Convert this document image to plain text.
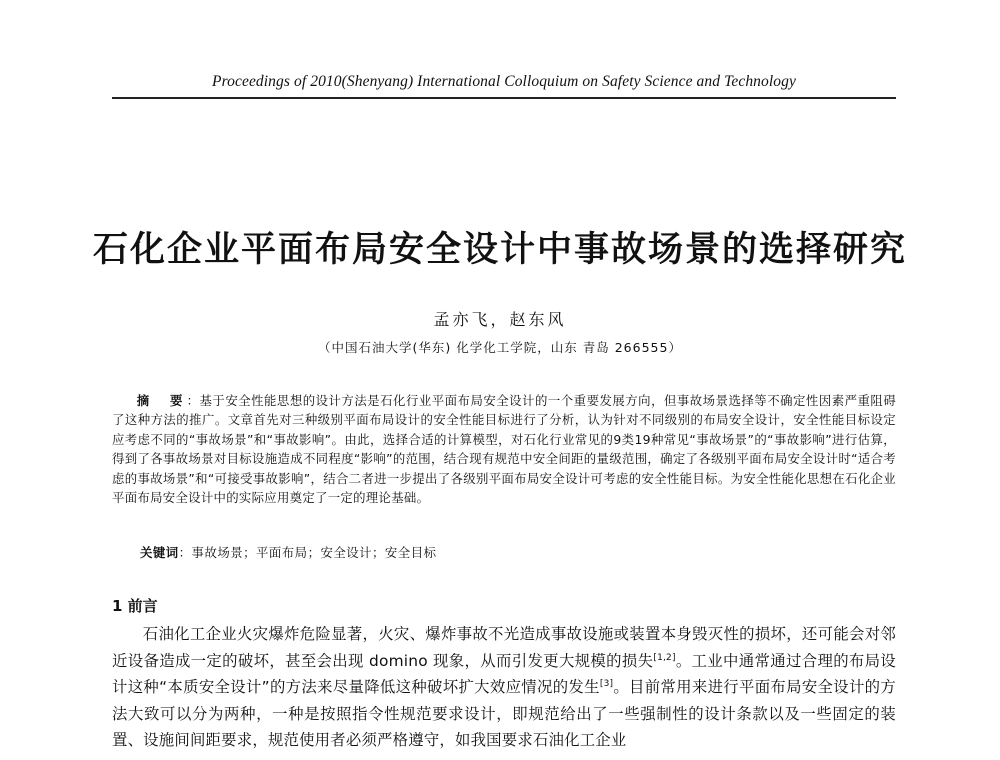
Proceedings of 2010(Shenyang) International Colloquium on Safety Science and Technology
石化企业平面布局安全设计中事故场景的选择研究
孟亦飞，赵东风
（中国石油大学(华东) 化学化工学院，山东 青岛 266555）
摘　要：基于安全性能思想的设计方法是石化行业平面布局安全设计的一个重要发展方向，但事故场景选择等不确定性因素严重阻碍了这种方法的推广。文章首先对三种级别平面布局设计的安全性能目标进行了分析，认为针对不同级别的布局安全设计，安全性能目标设定应考虑不同的“事故场景”和“事故影响”。由此，选择合适的计算模型，对石化行业常见的9类19种常见“事故场景”的“事故影响”进行估算，得到了各事故场景对目标设施造成不同程度“影响”的范围，结合现有规范中安全间距的量级范围，确定了各级别平面布局安全设计时“适合考虑的事故场景”和“可接受事故影响”，结合二者进一步提出了各级别平面布局安全设计可考虑的安全性能目标。为安全性能化思想在石化企业平面布局安全设计中的实际应用奠定了一定的理论基础。
关键词：事故场景；平面布局；安全设计；安全目标
1 前言
石油化工企业火灾爆炸危险显著，火灾、爆炸事故不光造成事故设施或装置本身毁灭性的损坏，还可能会对邻近设备造成一定的破坏，甚至会出现 domino 现象，从而引发更大规模的损失[1,2]。工业中通常通过合理的布局设计这种“本质安全设计”的方法来尽量降低这种破坏扩大效应情况的发生[3]。目前常用来进行平面布局安全设计的方法大致可以分为两种，一种是按照指令性规范要求设计，即规范给出了一些强制性的设计条款以及一些固定的装置、设施间间距要求，规范使用者必须严格遵守，如我国要求石油化工企业
